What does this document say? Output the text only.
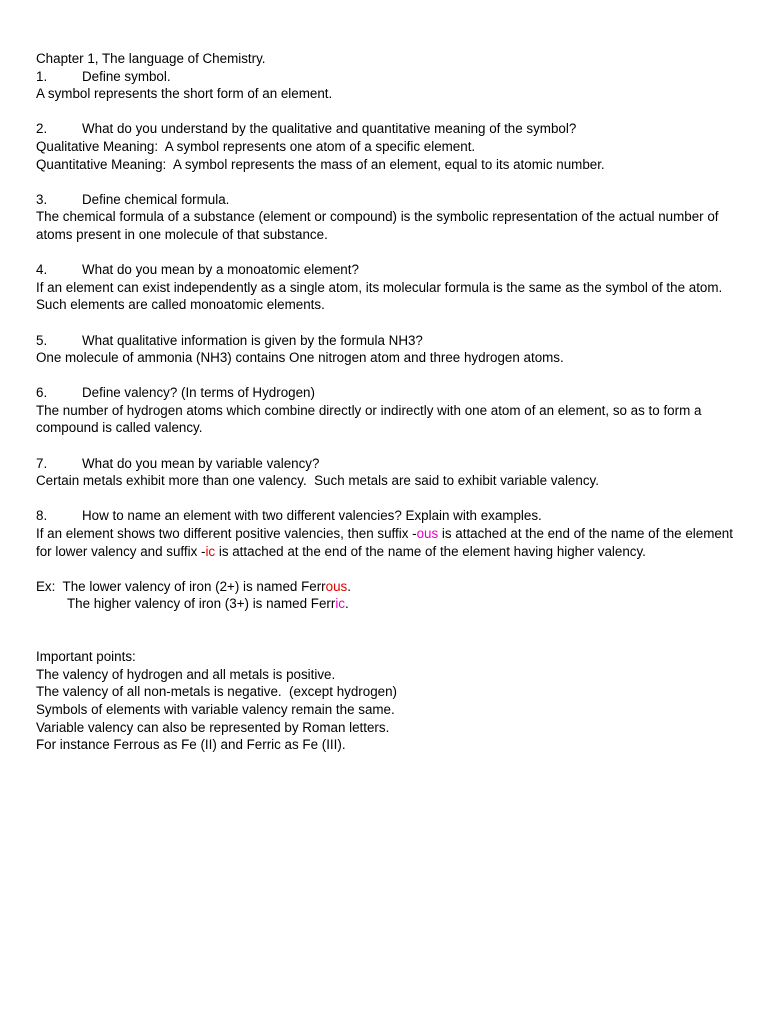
Chapter 1, The language of Chemistry.
1.	Define symbol.
A symbol represents the short form of an element.
2.	What do you understand by the qualitative and quantitative meaning of the symbol?
Qualitative Meaning:  A symbol represents one atom of a specific element.
Quantitative Meaning:  A symbol represents the mass of an element, equal to its atomic number.
3.	Define chemical formula.
The chemical formula of a substance (element or compound) is the symbolic representation of the actual number of atoms present in one molecule of that substance.
4.	What do you mean by a monoatomic element?
If an element can exist independently as a single atom, its molecular formula is the same as the symbol of the atom.  Such elements are called monoatomic elements.
5.	What qualitative information is given by the formula NH3?
One molecule of ammonia (NH3) contains One nitrogen atom and three hydrogen atoms.
6.	Define valency? (In terms of Hydrogen)
The number of hydrogen atoms which combine directly or indirectly with one atom of an element, so as to form a compound is called valency.
7.	What do you mean by variable valency?
Certain metals exhibit more than one valency.  Such metals are said to exhibit variable valency.
8.	How to name an element with two different valencies? Explain with examples.
If an element shows two different positive valencies, then suffix -ous is attached at the end of the name of the element for lower valency and suffix -ic is attached at the end of the name of the element having higher valency.
Ex:  The lower valency of iron (2+) is named Ferrous.
The higher valency of iron (3+) is named Ferric.
Important points:
The valency of hydrogen and all metals is positive.
The valency of all non-metals is negative.  (except hydrogen)
Symbols of elements with variable valency remain the same.
Variable valency can also be represented by Roman letters.
For instance Ferrous as Fe (II) and Ferric as Fe (III).
